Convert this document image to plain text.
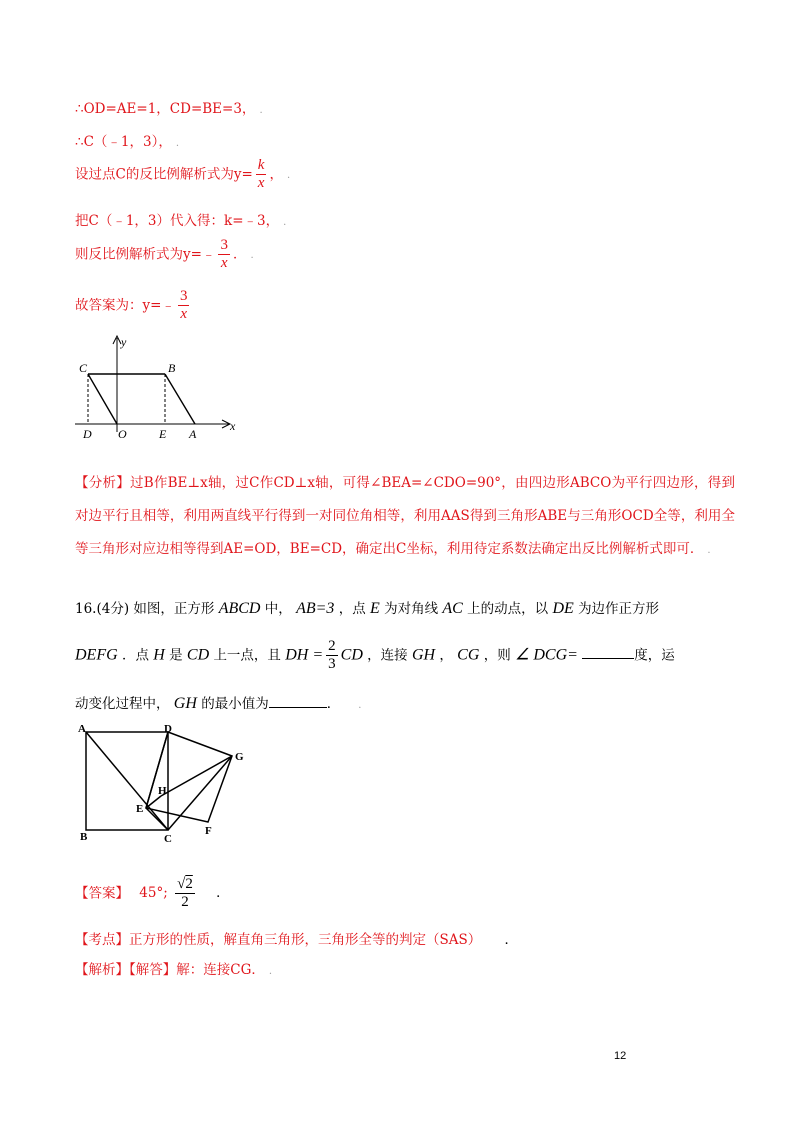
∴OD=AE=1，CD=BE=3， .
∴C（﹣1，3）， .
设过点C的反比例解析式为$y= \frac{k}{x}$ ， .
把C（﹣1，3）代入得：k=﹣3， .
则反比例解析式为y=﹣ $\frac{3}{x}$ ． .
故答案为：y=﹣ $\frac{3}{x}$
y
x
C	B
D O	E A
【分析】过B作BE⊥x轴，过C作CD⊥x轴，可得∠BEA=∠CDO=90°，由四边形ABCO为平行四边形，得到对边平行且相等，利用两直线平行得到一对同位角相等，利用AAS得到三角形ABE与三角形OCD全等，利用全等三角形对应边相等得到AE=OD，BE=CD，确定出C坐标，利用待定系数法确定出反比例解析式即可． .
16.(4分) 如图，正方形 ABCD 中， AB=3 ，点 E 为对角线 AC 上的动点，以 DE 为边作正方形
DEFG ．点 H 是 CD 上一点，且 DH = $\frac{2}{3}$ CD ，连接 GH ， CG ，则 ∠ DCG=	度，运
动变化过程中， GH 的最小值为	． .
A	D
G
H
E
B	C
F
【答案】 45°; $\frac{√2}{2}$ ．
【考点】正方形的性质，解直角三角形，三角形全等的判定（SAS） ．
【解析】【解答】解：连接CG． .
12
